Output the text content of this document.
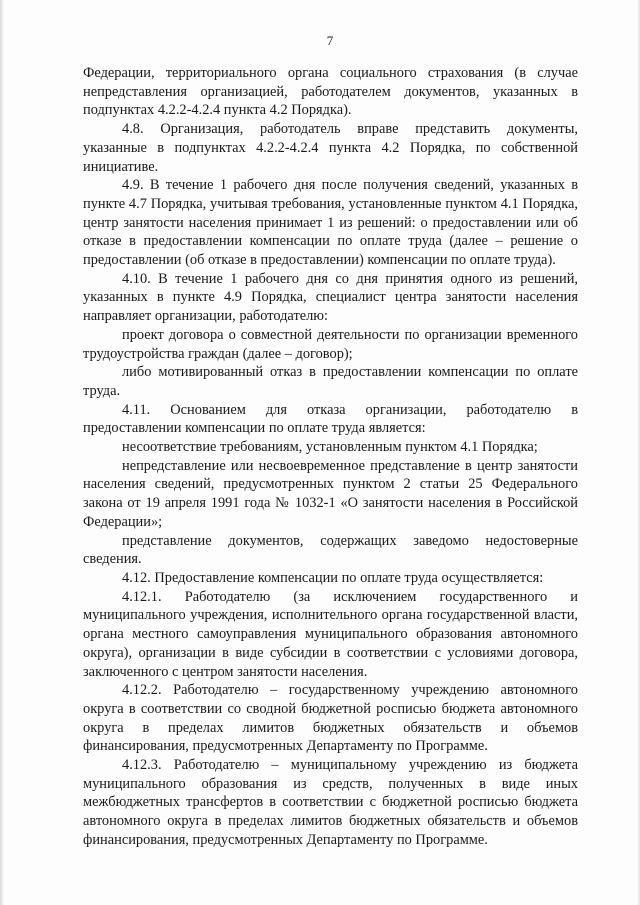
7

Федерации, территориального органа социального страхования (в случае непредставления организацией, работодателем документов, указанных в подпунктах 4.2.2-4.2.4 пункта 4.2 Порядка).

4.8. Организация, работодатель вправе представить документы, указанные в подпунктах 4.2.2-4.2.4 пункта 4.2 Порядка, по собственной инициативе.

4.9. В течение 1 рабочего дня после получения сведений, указанных в пункте 4.7 Порядка, учитывая требования, установленные пунктом 4.1 Порядка, центр занятости населения принимает 1 из решений: о предоставлении или об отказе в предоставлении компенсации по оплате труда (далее – решение о предоставлении (об отказе в предоставлении) компенсации по оплате труда).

4.10. В течение 1 рабочего дня со дня принятия одного из решений, указанных в пункте 4.9 Порядка, специалист центра занятости населения направляет организации, работодателю:

проект договора о совместной деятельности по организации временного трудоустройства граждан (далее – договор);

либо мотивированный отказ в предоставлении компенсации по оплате труда.

4.11. Основанием для отказа организации, работодателю в предоставлении компенсации по оплате труда является:

несоответствие требованиям, установленным пунктом 4.1 Порядка;

непредставление или несвоевременное представление в центр занятости населения сведений, предусмотренных пунктом 2 статьи 25 Федерального закона от 19 апреля 1991 года № 1032-1 «О занятости населения в Российской Федерации»;

представление документов, содержащих заведомо недостоверные сведения.

4.12. Предоставление компенсации по оплате труда осуществляется:

4.12.1. Работодателю (за исключением государственного и муниципального учреждения, исполнительного органа государственной власти, органа местного самоуправления муниципального образования автономного округа), организации в виде субсидии в соответствии с условиями договора, заключенного с центром занятости населения.

4.12.2. Работодателю – государственному учреждению автономного округа в соответствии со сводной бюджетной росписью бюджета автономного округа в пределах лимитов бюджетных обязательств и объемов финансирования, предусмотренных Департаменту по Программе.

4.12.3. Работодателю – муниципальному учреждению из бюджета муниципального образования из средств, полученных в виде иных межбюджетных трансфертов в соответствии с бюджетной росписью бюджета автономного округа в пределах лимитов бюджетных обязательств и объемов финансирования, предусмотренных Департаменту по Программе.
